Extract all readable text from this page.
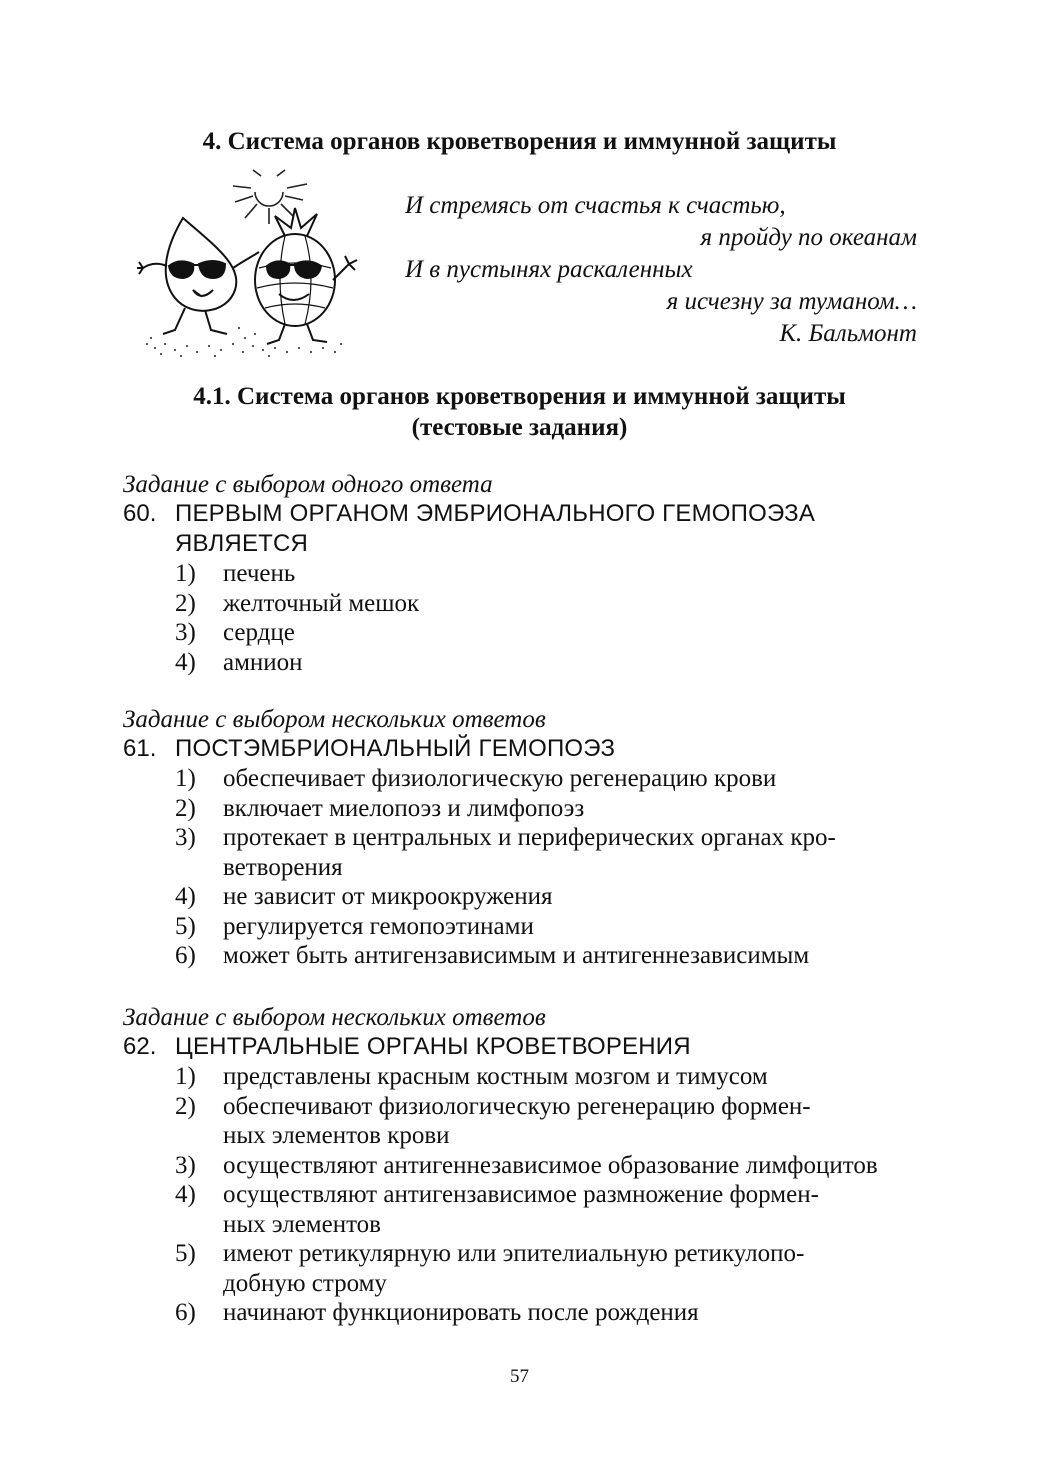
4. Система органов кроветворения и иммунной защиты
И стремясь от счастья к счастью,
я пройду по океанам
И в пустынях раскаленных
я исчезну за туманом…
К. Бальмонт
4.1. Система органов кроветворения и иммунной защиты
(тестовые задания)
Задание с выбором одного ответа
60. ПЕРВЫМ ОРГАНОМ ЭМБРИОНАЛЬНОГО ГЕМОПОЭЗА
ЯВЛЯЕТСЯ
1) печень
2) желточный мешок
3) сердце
4) амнион
Задание с выбором нескольких ответов
61. ПОСТЭМБРИОНАЛЬНЫЙ ГЕМОПОЭЗ
1) обеспечивает физиологическую регенерацию крови
2) включает миелопоэз и лимфопоэз
3) протекает в центральных и периферических органах кро-
ветворения
4) не зависит от микроокружения
5) регулируется гемопоэтинами
6) может быть антигензависимым и антигеннезависимым
Задание с выбором нескольких ответов
62. ЦЕНТРАЛЬНЫЕ ОРГАНЫ КРОВЕТВОРЕНИЯ
1) представлены красным костным мозгом и тимусом
2) обеспечивают физиологическую регенерацию формен-
ных элементов крови
3) осуществляют антигеннезависимое образование лимфоцитов
4) осуществляют антигензависимое размножение формен-
ных элементов
5) имеют ретикулярную или эпителиальную ретикулопо-
добную строму
6) начинают функционировать после рождения
57
